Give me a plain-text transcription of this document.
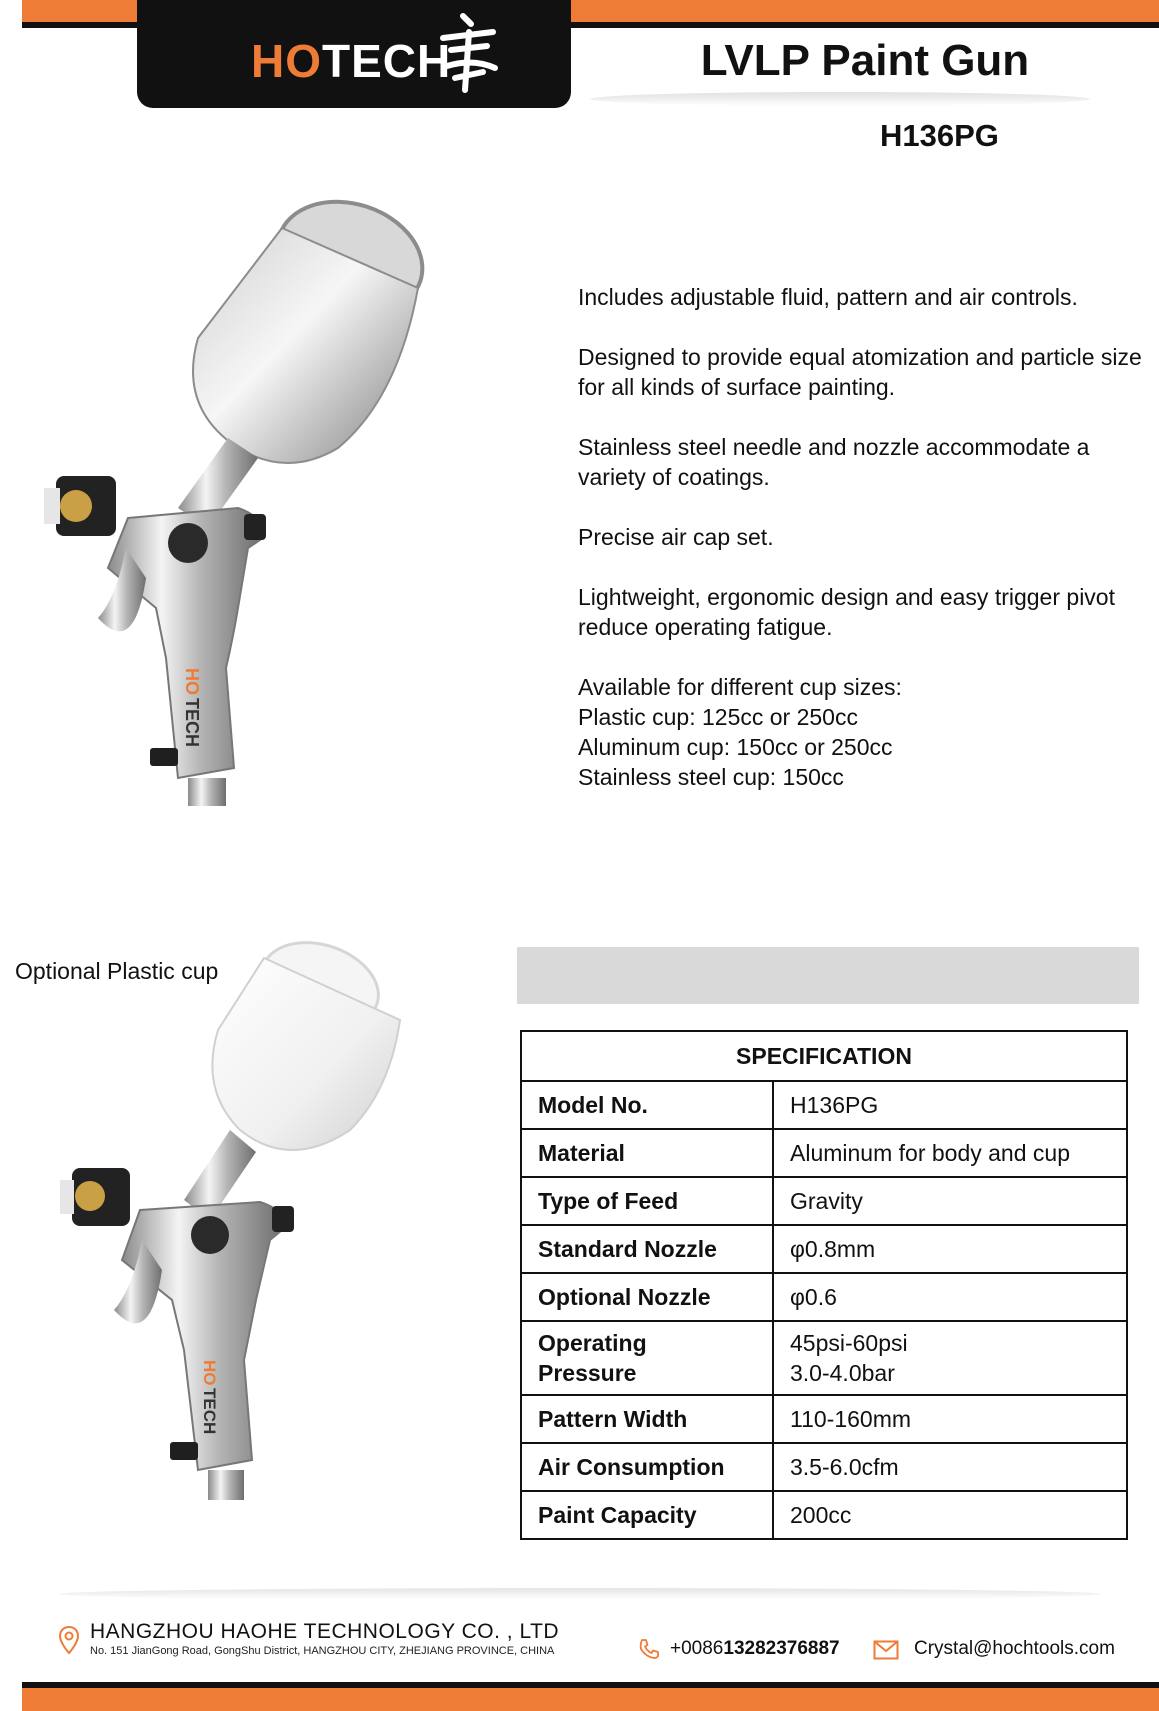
HOTECH	LVLP Paint Gun
H136PG
HO
TECH

Includes adjustable fluid, pattern and air controls.

Designed to provide equal atomization and particle size for all kinds of surface painting.

Stainless steel needle and nozzle accommodate a variety of coatings.

Precise air cap set.

Lightweight, ergonomic design and easy trigger pivot reduce operating fatigue.

Available for different cup sizes:

Plastic cup: 125cc or 250cc

Aluminum cup: 150cc or 250cc

Stainless steel cup: 150cc

Optional Plastic cup
HO
TECH
SPECIFICATION	
Model No.	H136PG
Material	Aluminum for body and cup
Type of Feed	Gravity
Standard Nozzle	φ0.8mm
Optional Nozzle	φ0.6
Operating
Pressure	45psi-60psi
3.0-4.0bar
Pattern Width	110-160mm
Air Consumption	3.5-6.0cfm
Paint Capacity	200cc
HANGZHOU HAOHE TECHNOLOGY CO. , LTD
No. 151 JianGong Road, GongShu District, HANGZHOU CITY, ZHEJIANG PROVINCE, CHINA	+008613282376887	Crystal@hochtools.com
